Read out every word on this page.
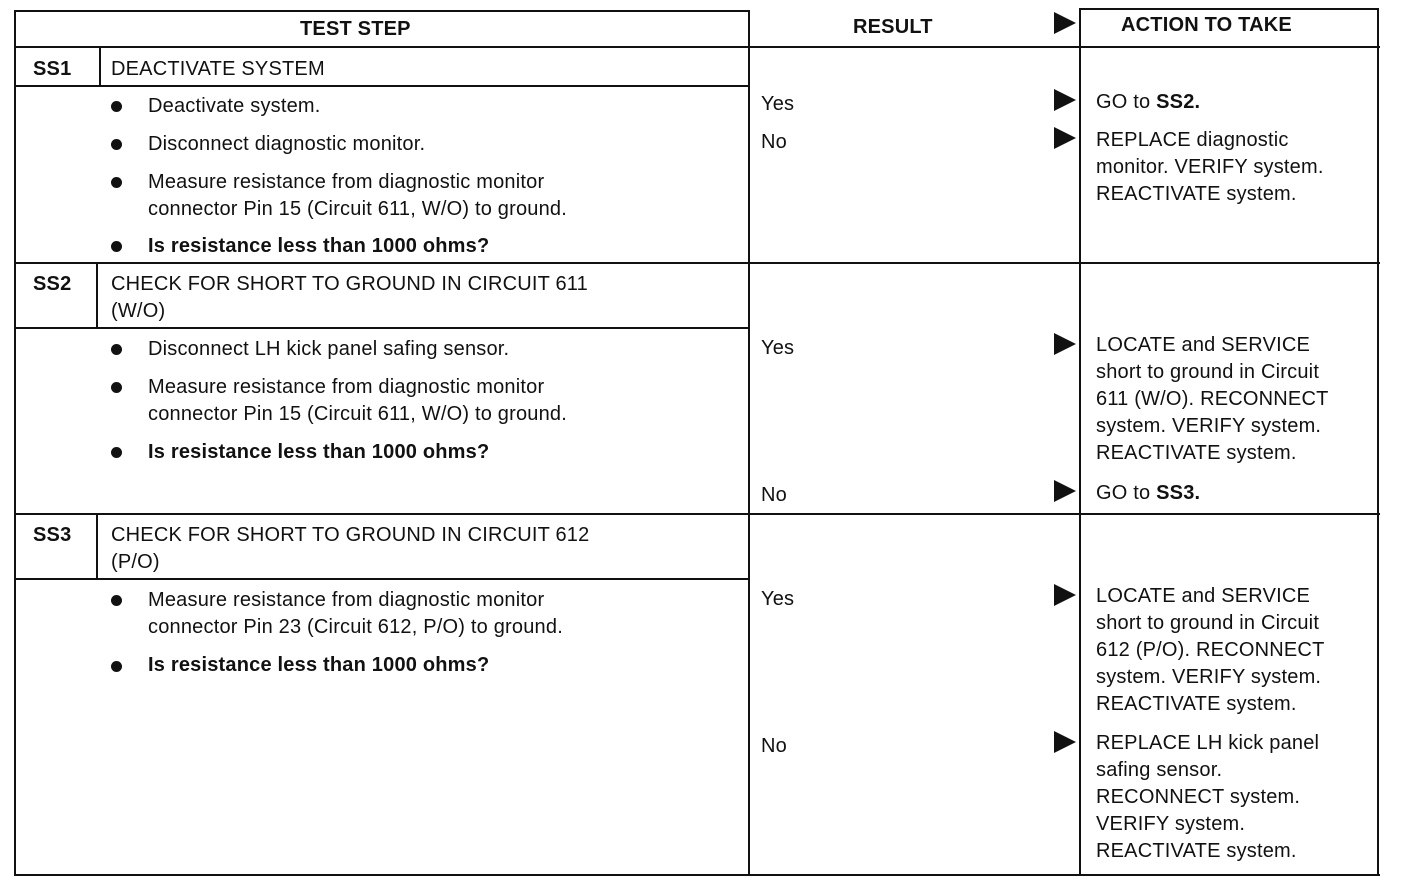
TEST STEP	RESULT	ACTION TO TAKE
SS1 DEACTIVATE SYSTEM
Deactivate system.
Disconnect diagnostic monitor.
Measure resistance from diagnostic monitor
connector Pin 15 (Circuit 611, W/O) to ground.
Is resistance less than 1000 ohms?
Yes	GO to SS2.
No	REPLACE diagnostic
monitor. VERIFY system.
REACTIVATE system.
SS2 CHECK FOR SHORT TO GROUND IN CIRCUIT 611
(W/O)
Disconnect LH kick panel safing sensor.
Measure resistance from diagnostic monitor
connector Pin 15 (Circuit 611, W/O) to ground.
Is resistance less than 1000 ohms?
Yes	LOCATE and SERVICE
short to ground in Circuit
611 (W/O). RECONNECT
system. VERIFY system.
REACTIVATE system.
No	GO to SS3.
SS3 CHECK FOR SHORT TO GROUND IN CIRCUIT 612
(P/O)
Measure resistance from diagnostic monitor
connector Pin 23 (Circuit 612, P/O) to ground.
Is resistance less than 1000 ohms?
Yes	LOCATE and SERVICE
short to ground in Circuit
612 (P/O). RECONNECT
system. VERIFY system.
REACTIVATE system.
No	REPLACE LH kick panel
safing sensor.
RECONNECT system.
VERIFY system.
REACTIVATE system.
